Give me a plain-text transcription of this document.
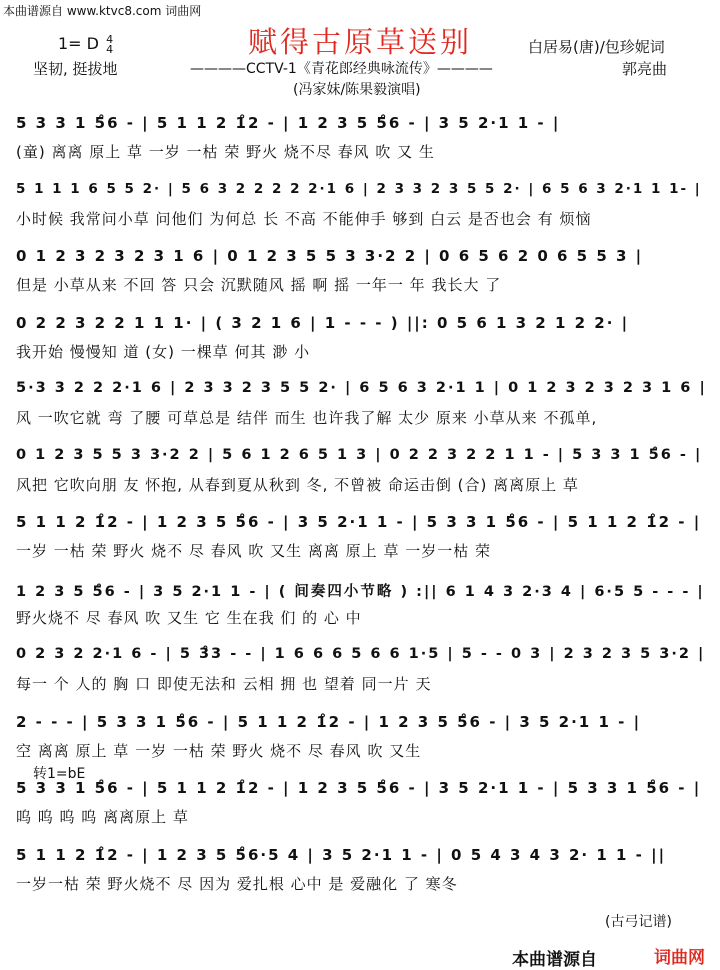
本曲谱源自 www.ktvc8.com 词曲网
赋得古原草送别
1= D 4
4	白居易(唐)/包珍妮词
坚韧, 挺拔地	————CCTV-1《青花郎经典咏流传》————	郭亮曲
(冯家妹/陈果毅演唱)
5 3 3 1 5̊6 - | 5 1 1 2 1̊2 - | 1 2 3 5 5̊6 - | 3 5 2·1 1 - |
(童) 离离 原上 草 一岁 一枯 荣 野火 烧不尽 春风 吹 又 生
5 1 1 1 6 5 5 2· | 5 6 3 2 2 2 2 2·1 6 | 2 3 3 2 3 5 5 2· | 6 5 6 3 2·1 1 1- |
小时候 我常问小草 问他们 为何总 长 不高 不能伸手 够到 白云 是否也会 有 烦恼
0 1 2 3 2 3 2 3 1 6 | 0 1 2 3 5 5 3 3·2 2 | 0 6 5 6 2 0 6 5 5 3 |
但是 小草从来 不回 答 只会 沉默随风 摇 啊 摇 一年一 年 我长大 了
0 2 2 3 2 2 1 1 1· | ( 3 2 1 6 | 1 - - - ) ||: 0 5 6 1 3 2 1 2 2· |
我开始 慢慢知 道 (女) 一棵草 何其 渺 小
5·3 3 2 2 2·1 6 | 2 3 3 2 3 5 5 2· | 6 5 6 3 2·1 1 | 0 1 2 3 2 3 2 3 1 6 |
风 一吹它就 弯 了腰 可草总是 结伴 而生 也许我了解 太少 原来 小草从来 不孤单,
0 1 2 3 5 5 3 3·2 2 | 5 6 1 2 6 5 1 3 | 0 2 2 3 2 2 1 1 - | 5 3 3 1 5̊6 - |
风把 它吹向朋 友 怀抱, 从春到夏从秋到 冬, 不曾被 命运击倒 (合) 离离原上 草
5 1 1 2 1̊2 - | 1 2 3 5 5̊6 - | 3 5 2·1 1 - | 5 3 3 1 5̊6 - | 5 1 1 2 1̊2 - |
一岁 一枯 荣 野火 烧不 尽 春风 吹 又生 离离 原上 草 一岁一枯 荣
1 2 3 5 5̊6 - | 3 5 2·1 1 - | ( 间奏四小节略 ) :|| 6 1 4 3 2·3 4 | 6·5 5 - - - |
野火烧不 尽 春风 吹 又生 它 生在我 们 的 心 中
0 2 3 2 2·1 6 - | 5 3̊3 - - | 1 6 6 6 5 6 6 1·5 | 5 - - 0 3 | 2 3 2 3 5 3·2 |
每一 个 人的 胸 口 即使无法和 云相 拥 也 望着 同一片 天
2 - - - | 5 3 3 1 5̊6 - | 5 1 1 2 1̊2 - | 1 2 3 5 5̊6 - | 3 5 2·1 1 - |
空 离离 原上 草 一岁 一枯 荣 野火 烧不 尽 春风 吹 又生
5 3 3 1 5̊6 - | 5 1 1 2 1̊2 - | 1 2 3 5 5̊6 - | 3 5 2·1 1 - | 5 3 3 1 5̊6 - |
呜 呜 呜 呜 离离原上 草
5 1 1 2 1̊2 - | 1 2 3 5 5̊6·5 4 | 3 5 2·1 1 - | 0 5 4 3 4 3 2· 1 1 - ||
一岁一枯 荣 野火烧不 尽 因为 爱扎根 心中 是 爱融化 了 寒冬
转1=bE
(古弓记谱)
本曲谱源自	词曲网
